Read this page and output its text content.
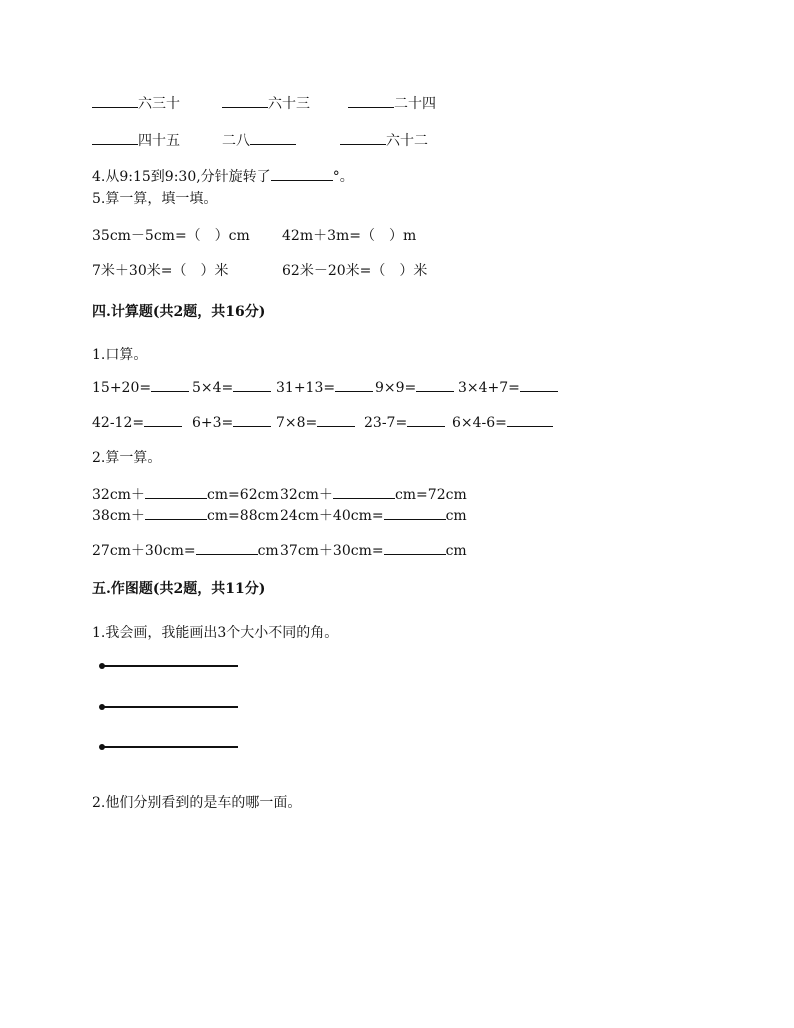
六三十	六十三	二十四
四十五	二八	六十二
4.从9:15到9:30,分针旋转了	°。
5.算一算，填一填。
35cm－5cm=（　）cm 42m＋3m=（　）m
7米＋30米=（　）米	62米－20米=（　）米
四.计算题(共2题，共16分)
1.口算。
15+20=	5×4=	31+13=	9×9=	3×4+7=
42-12=	6+3=	7×8=	23-7=	6×4-6=
2.算一算。
32cm＋	cm=62cm 32cm＋	cm=72cm
38cm＋	cm=88cm 24cm＋40cm=	cm
27cm＋30cm=	cm 37cm＋30cm=	cm
五.作图题(共2题，共11分)
1.我会画，我能画出3个大小不同的角。
2.他们分别看到的是车的哪一面。
